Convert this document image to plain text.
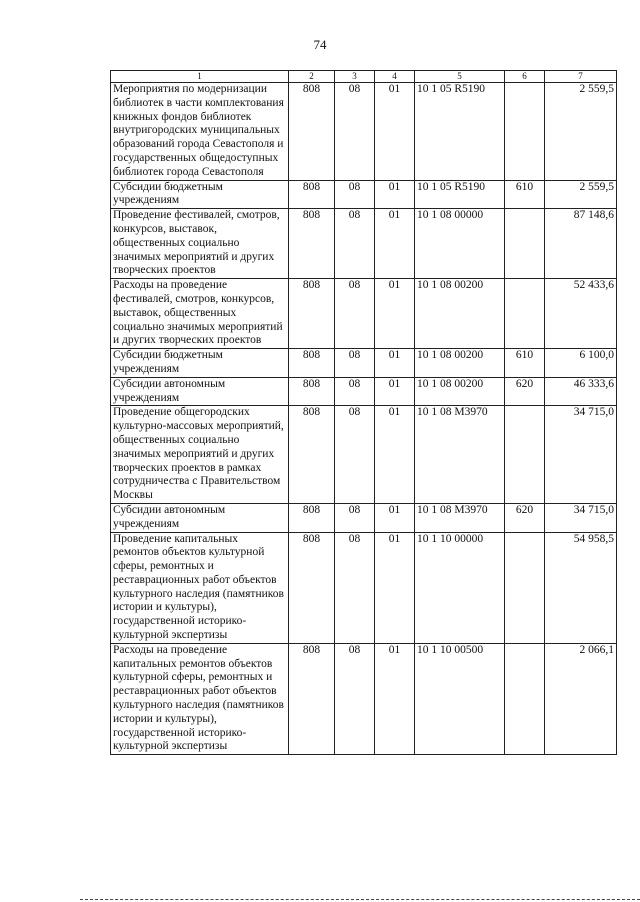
74
1	2	3	4	5	6	7
Мероприятия по модернизации библиотек в части комплектования книжных фондов библиотек внутригородских муниципальных образований города Севастополя и государственных общедоступных библиотек города Севастополя	808	08	01	10 1 05 R5190		2 559,5
Субсидии бюджетным учреждениям	808	08	01	10 1 05 R5190	610	2 559,5
Проведение фестивалей, смотров, конкурсов, выставок, общественных социально значимых мероприятий и других творческих проектов	808	08	01	10 1 08 00000		87 148,6
Расходы на проведение фестивалей, смотров, конкурсов, выставок, общественных социально значимых мероприятий и других творческих проектов	808	08	01	10 1 08 00200		52 433,6
Субсидии бюджетным учреждениям	808	08	01	10 1 08 00200	610	6 100,0
Субсидии автономным учреждениям	808	08	01	10 1 08 00200	620	46 333,6
Проведение общегородских культурно-массовых мероприятий, общественных социально значимых мероприятий и других творческих проектов в рамках сотрудничества с Правительством Москвы	808	08	01	10 1 08 М3970		34 715,0
Субсидии автономным учреждениям	808	08	01	10 1 08 М3970	620	34 715,0
Проведение капитальных ремонтов объектов культурной сферы, ремонтных и реставрационных работ объектов культурного наследия (памятников истории и культуры), государственной историко-культурной экспертизы	808	08	01	10 1 10 00000		54 958,5
Расходы на проведение капитальных ремонтов объектов культурной сферы, ремонтных и реставрационных работ объектов культурного наследия (памятников истории и культуры), государственной историко-культурной экспертизы	808	08	01	10 1 10 00500		2 066,1
